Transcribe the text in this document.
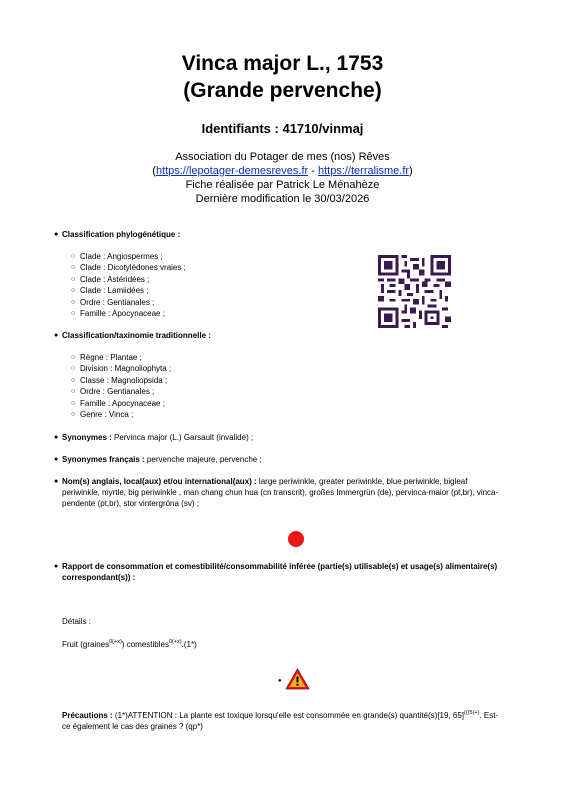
Vinca major L., 1753
(Grande pervenche)
Identifiants : 41710/vinmaj
Association du Potager de mes (nos) Rêves
(https://lepotager-demesreves.fr - https://terralisme.fr)
Fiche réalisée par Patrick Le Ménahèze
Dernière modification le 30/03/2026
● Classification phylogénétique :
○ Clade : Angiospermes ;
○ Clade : Dicotylédones vraies ;
○ Clade : Astéridées ;
○ Clade : Lamiidées ;
○ Ordre : Gentianales ;
○ Famille : Apocynaceae ;
● Classification/taxinomie traditionnelle :
○ Règne : Plantae ;
○ Division : Magnoliophyta ;
○ Classe : Magnoliopsida ;
○ Ordre : Gentianales ;
○ Famille : Apocynaceae ;
○ Genre : Vinca ;
● Synonymes : Pervinca major (L.) Garsault (invalide) ;
● Synonymes français : pervenche majeure, pervenche ;
● Nom(s) anglais, local(aux) et/ou international(aux) : large periwinkle, greater periwinkle, blue periwinkle, bigleaf
periwinkle, myrtle, big periwinkle , man chang chun hua (cn transcrit), großes Immergrün (de), pervinca-maior (pt,br), vinca-
pendente (pt,br), stor vintergröna (sv) ;
● Rapport de consommation et comestibilité/consommabilité inférée (partie(s) utilisable(s) et usage(s) alimentaire(s)
correspondant(s)) :
Détails :
Fruit (graines$^{0(+x)}$) comestibles$^{0(+x)}$.(1*)
●
Précautions : (1*)ATTENTION : La plante est toxique lorsqu'elle est consommée en grande(s) quantité(s)[19, 65]$^{(((5(+)}$. Est-
ce également le cas des graines ? (qp*)
